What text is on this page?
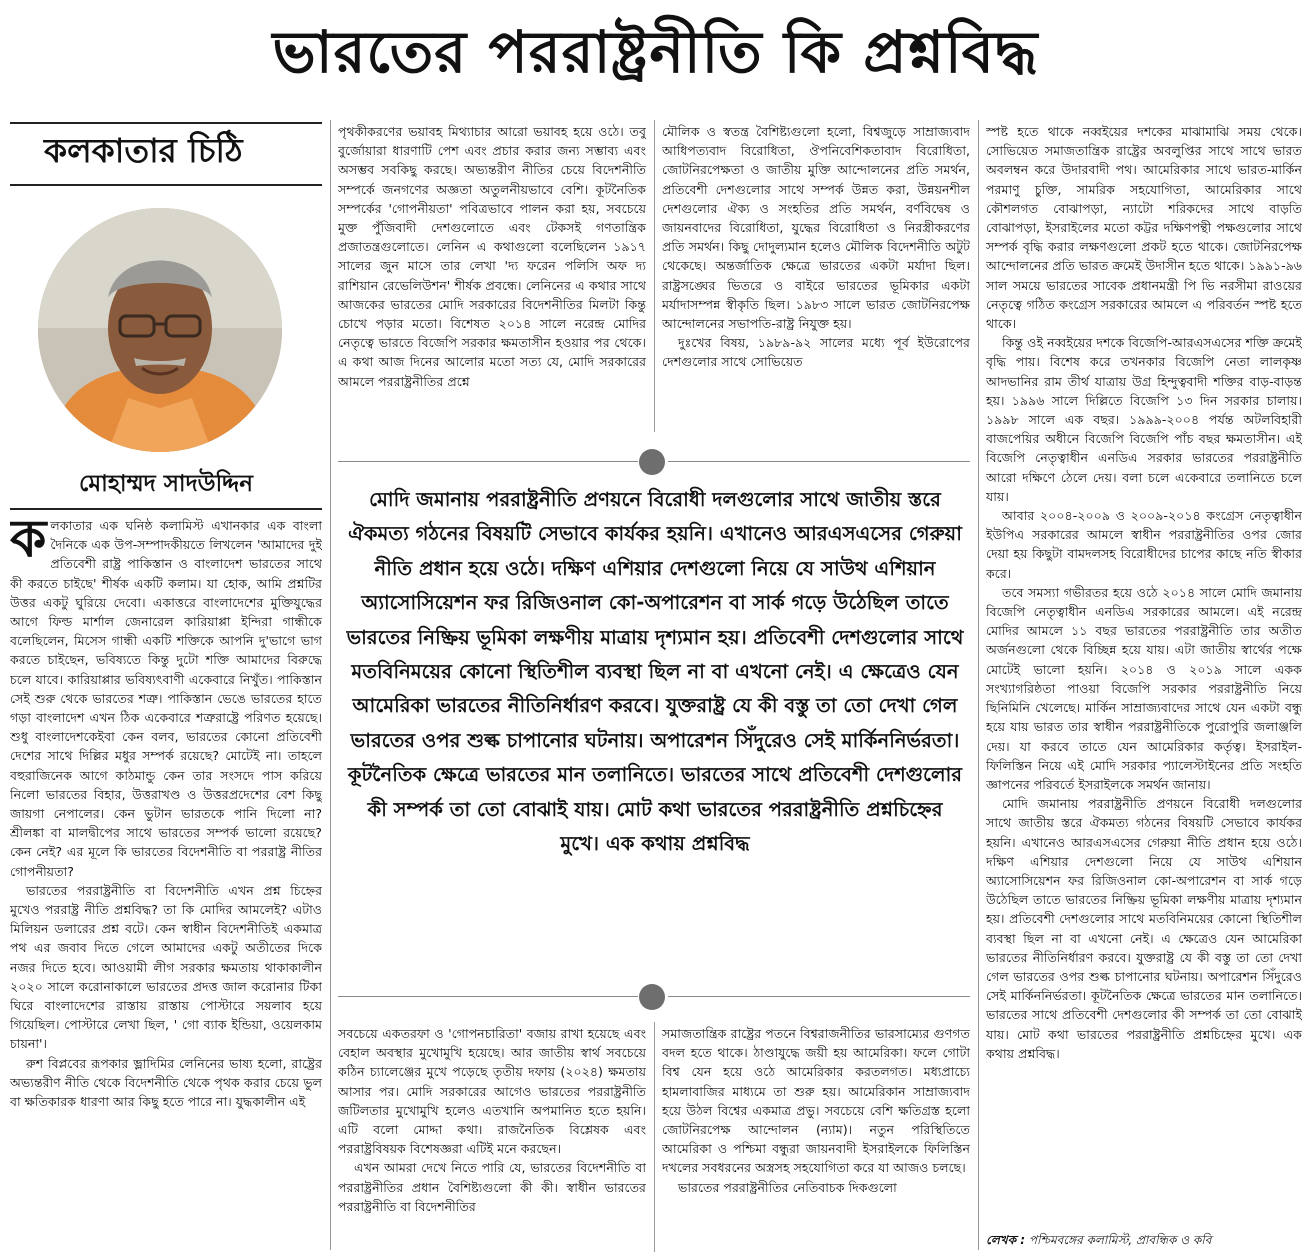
ভারতের পররাষ্ট্রনীতি কি প্রশ্নবিদ্ধ
কলকাতার চিঠি
মোহাম্মদ সাদউদ্দিন

কলকাতার এক ঘনিষ্ঠ কলামিস্ট এখানকার এক বাংলা দৈনিকে এক উপ-সম্পাদকীয়তে লিখলেন 'আমাদের দুই প্রতিবেশী রাষ্ট্র পাকিস্তান ও বাংলাদেশ ভারতের সাথে কী করতে চাইছে' শীর্ষক একটি কলাম। যা হোক, আমি প্রশ্নটির উত্তর একটু ঘুরিয়ে দেবো। একাত্তরে বাংলাদেশের মুক্তিযুদ্ধের আগে ফিল্ড মার্শাল জেনারেল কারিয়াপ্পা ইন্দিরা গান্ধীকে বলেছিলেন, মিসেস গান্ধী একটি শক্তিকে আপনি দু'ভাগে ভাগ করতে চাইছেন, ভবিষ্যতে কিন্তু দুটো শক্তি আমাদের বিরুদ্ধে চলে যাবে। কারিয়াপ্পার ভবিষ্যৎবাণী একেবারে নিখুঁত। পাকিস্তান সেই শুরু থেকে ভারতের শত্রু। পাকিস্তান ভেঙে ভারতের হাতে গড়া বাংলাদেশ এখন ঠিক একেবারে শত্রুরাষ্ট্রে পরিণত হয়েছে। শুধু বাংলাদেশকেইবা কেন বলব, ভারতের কোনো প্রতিবেশী দেশের সাথে দিল্লির মধুর সম্পর্ক রয়েছে? মোটেই না। তাহলে বহুরাজিনেক আগে কাঠমান্ডু কেন তার সংসদে পাস করিয়ে নিলো ভারতের বিহার, উত্তরাখণ্ড ও উত্তরপ্রদেশের বেশ কিছু জায়গা নেপালের। কেন ভুটান ভারতকে পানি দিলো না? শ্রীলঙ্কা বা মালদ্বীপের সাথে ভারতের সম্পর্ক ভালো রয়েছে? কেন নেই? এর মূলে কি ভারতের বিদেশনীতি বা পররাষ্ট্র নীতির গোপনীয়তা?

ভারতের পররাষ্ট্রনীতি বা বিদেশনীতি এখন প্রশ্ন চিহ্নের মুখেও পররাষ্ট্র নীতি প্রশ্নবিদ্ধ? তা কি মোদির আমলেই? এটাও মিলিয়ন ডলারের প্রশ্ন বটে। কেন স্বাধীন বিদেশনীতিই একমাত্র পথ এর জবাব দিতে গেলে আমাদের একটু অতীতের দিকে নজর দিতে হবে। আওয়ামী লীগ সরকার ক্ষমতায় থাকাকালীন ২০২০ সালে করোনাকালে ভারতের প্রদত্ত জাল করোনার টিকা ঘিরে বাংলাদেশের রাস্তায় রাস্তায় পোস্টারে সয়লাব হয়ে গিয়েছিল। পোস্টারে লেখা ছিল, ' গো ব্যাক ইন্ডিয়া, ওয়েলকাম চায়না'।

রুশ বিপ্লবের রূপকার ভ্লাদিমির লেনিনের ভাষ্য হলো, রাষ্ট্রের অভ্যন্তরীণ নীতি থেকে বিদেশনীতি থেকে পৃথক করার চেয়ে ভুল বা ক্ষতিকারক ধারণা আর কিছু হতে পারে না। যুদ্ধকালীন এই

পৃথকীকরণের ভয়াবহ মিথ্যাচার আরো ভয়াবহ হয়ে ওঠে। তবু বুর্জোয়ারা ধারণাটি পেশ এবং প্রচার করার জন্য সম্ভাব্য এবং অসম্ভব সবকিছু করছে। অভ্যন্তরীণ নীতির চেয়ে বিদেশনীতি সম্পর্কে জনগণের অজ্ঞতা অতুলনীয়ভাবে বেশি। কূটনৈতিক সম্পর্কের 'গোপনীয়তা' পবিত্রভাবে পালন করা হয়, সবচেয়ে মুক্ত পুঁজিবাদী দেশগুলোতে এবং টেকসই গণতান্ত্রিক প্রজাতন্ত্রগুলোতে। লেনিন এ কথাগুলো বলেছিলেন ১৯১৭ সালের জুন মাসে তার লেখা 'দ্য ফরেন পলিসি অফ দ্য রাশিয়ান রেভেলিউশন' শীর্ষক প্রবন্ধে। লেনিনের এ কথার সাথে আজকের ভারতের মোদি সরকারের বিদেশনীতির মিলটা কিন্তু চোখে পড়ার মতো। বিশেষত ২০১৪ সালে নরেন্দ্র মোদির নেতৃত্বে ভারতে বিজেপি সরকার ক্ষমতাসীন হওয়ার পর থেকে। এ কথা আজ দিনের আলোর মতো সত্য যে, মোদি সরকারের আমলে পররাষ্ট্রনীতির প্রশ্নে

মৌলিক ও স্বতন্ত্র বৈশিষ্ট্যগুলো হলো, বিশ্বজুড়ে সাম্রাজ্যবাদ আধিপত্যবাদ বিরোধিতা, ঔপনিবেশিকতাবাদ বিরোধিতা, জোটনিরপেক্ষতা ও জাতীয় মুক্তি আন্দোলনের প্রতি সমর্থন, প্রতিবেশী দেশগুলোর সাথে সম্পর্ক উন্নত করা, উন্নয়নশীল দেশগুলোর ঐক্য ও সংহতির প্রতি সমর্থন, বর্ণবিদ্বেষ ও জায়নবাদের বিরোধিতা, যুদ্ধের বিরোধিতা ও নিরস্ত্রীকরণের প্রতি সমর্থন। কিছু দোদুল্যমান হলেও মৌলিক বিদেশনীতি অটুট থেকেছে। অন্তর্জাতিক ক্ষেত্রে ভারতের একটা মর্যাদা ছিল। রাষ্ট্রসঙ্ঘের ভিতরে ও বাইরে ভারতের ভূমিকার একটা মর্যাদাসম্পন্ন স্বীকৃতি ছিল। ১৯৮৩ সালে ভারত জোটনিরপেক্ষ আন্দোলনের সভাপতি-রাষ্ট্র নিযুক্ত হয়।

দুঃখের বিষয়, ১৯৮৯-৯২ সালের মধ্যে পূর্ব ইউরোপের দেশগুলোর সাথে সোভিয়েত

মোদি জমানায় পররাষ্ট্রনীতি প্রণয়নে বিরোধী দলগুলোর সাথে জাতীয় স্তরে ঐকমত্য গঠনের বিষয়টি সেভাবে কার্যকর হয়নি। এখানেও আরএসএসের গেরুয়া নীতি প্রধান হয়ে ওঠে। দক্ষিণ এশিয়ার দেশগুলো নিয়ে যে সাউথ এশিয়ান অ্যাসোসিয়েশন ফর রিজিওনাল কো-অপারেশন বা সার্ক গড়ে উঠেছিল তাতে ভারতের নিষ্ক্রিয় ভূমিকা লক্ষণীয় মাত্রায় দৃশ্যমান হয়। প্রতিবেশী দেশগুলোর সাথে মতবিনিময়ের কোনো স্থিতিশীল ব্যবস্থা ছিল না বা এখনো নেই। এ ক্ষেত্রেও যেন আমেরিকা ভারতের নীতিনির্ধারণ করবে। যুক্তরাষ্ট্র যে কী বস্তু তা তো দেখা গেল ভারতের ওপর শুল্ক চাপানোর ঘটনায়। অপারেশন সিঁদুরেও সেই মার্কিননির্ভরতা। কূটনৈতিক ক্ষেত্রে ভারতের মান তলানিতে। ভারতের সাথে প্রতিবেশী দেশগুলোর কী সম্পর্ক তা তো বোঝাই যায়। মোট কথা ভারতের পররাষ্ট্রনীতি প্রশ্নচিহ্নের মুখে। এক কথায় প্রশ্নবিদ্ধ

সবচেয়ে একতরফা ও 'গোপনচারিতা' বজায় রাখা হয়েছে এবং বেহাল অবস্থার মুখোমুখি হয়েছে। আর জাতীয় স্বার্থ সবচেয়ে কঠিন চ্যালেঞ্জের মুখে পড়েছে তৃতীয় দফায় (২০২৪) ক্ষমতায় আসার পর। মোদি সরকারের আগেও ভারতের পররাষ্ট্রনীতি জটিলতার মুখোমুখি হলেও এতখানি অপমানিত হতে হয়নি। এটি বলো মোদ্দা কথা। রাজনৈতিক বিশ্লেষক এবং পররাষ্ট্রবিষয়ক বিশেষজ্ঞরা এটিই মনে করছেন।

এখন আমরা দেখে নিতে পারি যে, ভারতের বিদেশনীতি বা পররাষ্ট্রনীতির প্রধান বৈশিষ্ট্যগুলো কী কী। স্বাধীন ভারতের পররাষ্ট্রনীতি বা বিদেশনীতির

সমাজতান্ত্রিক রাষ্ট্রের পতনে বিশ্বরাজনীতির ভারসাম্যের গুণগত বদল হতে থাকে। ঠাণ্ডাযুদ্ধে জয়ী হয় আমেরিকা। ফলে গোটা বিশ্ব যেন হয়ে ওঠে আমেরিকার করতলগত। মধ্যপ্রাচ্যে হামলাবাজির মাধ্যমে তা শুরু হয়। আমেরিকান সাম্রাজ্যবাদ হয়ে উঠল বিশ্বের একমাত্র প্রভু। সবচেয়ে বেশি ক্ষতিগ্রস্ত হলো জোটনিরপেক্ষ আন্দোলন (ন্যাম)। নতুন পরিস্থিতিতে আমেরিকা ও পশ্চিমা বন্ধুরা জায়নবাদী ইসরাইলকে ফিলিস্তিন দখলের সবধরনের অস্ত্রসহ সহযোগিতা করে যা আজও চলছে।

ভারতের পররাষ্ট্রনীতির নেতিবাচক দিকগুলো

স্পষ্ট হতে থাকে নব্বইয়ের দশকের মাঝামাঝি সময় থেকে। সোভিয়েত সমাজতান্ত্রিক রাষ্ট্রের অবলুপ্তির সাথে সাথে ভারত অবলম্বন করে উদারবাদী পথ। আমেরিকার সাথে ভারত-মার্কিন পরমাণু চুক্তি, সামরিক সহযোগিতা, আমেরিকার সাথে কৌশলগত বোঝাপড়া, ন্যাটো শরিকদের সাথে বাড়তি বোঝাপড়া, ইসরাইলের মতো কট্টর দক্ষিণপন্থী পক্ষগুলোর সাথে সম্পর্ক বৃদ্ধি করার লক্ষণগুলো প্রকট হতে থাকে। জোটনিরপেক্ষ আন্দোলনের প্রতি ভারত ক্রমেই উদাসীন হতে থাকে। ১৯৯১-৯৬ সাল সময়ে ভারতের সাবেক প্রধানমন্ত্রী পি ভি নরসীমা রাওয়ের নেতৃত্বে গঠিত কংগ্রেস সরকারের আমলে এ পরিবর্তন স্পষ্ট হতে থাকে।

কিন্তু ওই নব্বইয়ের দশকে বিজেপি-আরএসএসের শক্তি ক্রমেই বৃদ্ধি পায়। বিশেষ করে তখনকার বিজেপি নেতা লালকৃষ্ণ আদভানির রাম তীর্থ যাত্রায় উগ্র হিন্দুত্ববাদী শক্তির বাড়-বাড়ন্ত হয়। ১৯৯৬ সালে দিল্লিতে বিজেপি ১৩ দিন সরকার চালায়। ১৯৯৮ সালে এক বছর। ১৯৯৯-২০০৪ পর্যন্ত অটলবিহারী বাজপেয়ির অধীনে বিজেপি বিজেপি পাঁচ বছর ক্ষমতাসীন। এই বিজেপি নেতৃত্বাধীন এনডিএ সরকার ভারতের পররাষ্ট্রনীতি আরো দক্ষিণে ঠেলে দেয়। বলা চলে একেবারে তলানিতে চলে যায়।

আবার ২০০৪-২০০৯ ও ২০০৯-২০১৪ কংগ্রেস নেতৃত্বাধীন ইউপিএ সরকারের আমলে স্বাধীন পররাষ্ট্রনীতির ওপর জোর দেয়া হয় কিছুটা বামদলসহ বিরোধীদের চাপের কাছে নতি স্বীকার করে।

তবে সমস্যা গভীরতর হয়ে ওঠে ২০১৪ সালে মোদি জমানায় বিজেপি নেতৃত্বাধীন এনডিএ সরকারের আমলে। এই নরেন্দ্র মোদির আমলে ১১ বছর ভারতের পররাষ্ট্রনীতি তার অতীত অর্জনগুলো থেকে বিচ্ছিন্ন হয়ে যায়। এটা জাতীয় স্বার্থের পক্ষে মোটেই ভালো হয়নি। ২০১৪ ও ২০১৯ সালে একক সংখ্যাগরিষ্ঠতা পাওয়া বিজেপি সরকার পররাষ্ট্রনীতি নিয়ে ছিনিমিনি খেলেছে। মার্কিন সাম্রাজ্যবাদের সাথে যেন একটা বন্ধু হয়ে যায় ভারত তার স্বাধীন পররাষ্ট্রনীতিকে পুরোপুরি জলাঞ্জলি দেয়। যা করবে তাতে যেন আমেরিকার কর্তৃত্ব। ইসরাইল-ফিলিস্তিন নিয়ে এই মোদি সরকার প্যালেস্টাইনের প্রতি সংহতি জ্ঞাপনের পরিবর্তে ইসরাইলকে সমর্থন জানায়।

মোদি জমানায় পররাষ্ট্রনীতি প্রণয়নে বিরোধী দলগুলোর সাথে জাতীয় স্তরে ঐকমত্য গঠনের বিষয়টি সেভাবে কার্যকর হয়নি। এখানেও আরএসএসের গেরুয়া নীতি প্রধান হয়ে ওঠে। দক্ষিণ এশিয়ার দেশগুলো নিয়ে যে সাউথ এশিয়ান অ্যাসোসিয়েশন ফর রিজিওনাল কো-অপারেশন বা সার্ক গড়ে উঠেছিল তাতে ভারতের নিষ্ক্রিয় ভূমিকা লক্ষণীয় মাত্রায় দৃশ্যমান হয়। প্রতিবেশী দেশগুলোর সাথে মতবিনিময়ের কোনো স্থিতিশীল ব্যবস্থা ছিল না বা এখনো নেই। এ ক্ষেত্রেও যেন আমেরিকা ভারতের নীতিনির্ধারণ করবে। যুক্তরাষ্ট্র যে কী বস্তু তা তো দেখা গেল ভারতের ওপর শুল্ক চাপানোর ঘটনায়। অপারেশন সিঁদুরেও সেই মার্কিননির্ভরতা। কূটনৈতিক ক্ষেত্রে ভারতের মান তলানিতে। ভারতের সাথে প্রতিবেশী দেশগুলোর কী সম্পর্ক তা তো বোঝাই যায়। মোট কথা ভারতের পররাষ্ট্রনীতি প্রশ্নচিহ্নের মুখে। এক কথায় প্রশ্নবিদ্ধ।

লেখক : পশ্চিমবঙ্গের কলামিস্ট, প্রাবন্ধিক ও কবি
